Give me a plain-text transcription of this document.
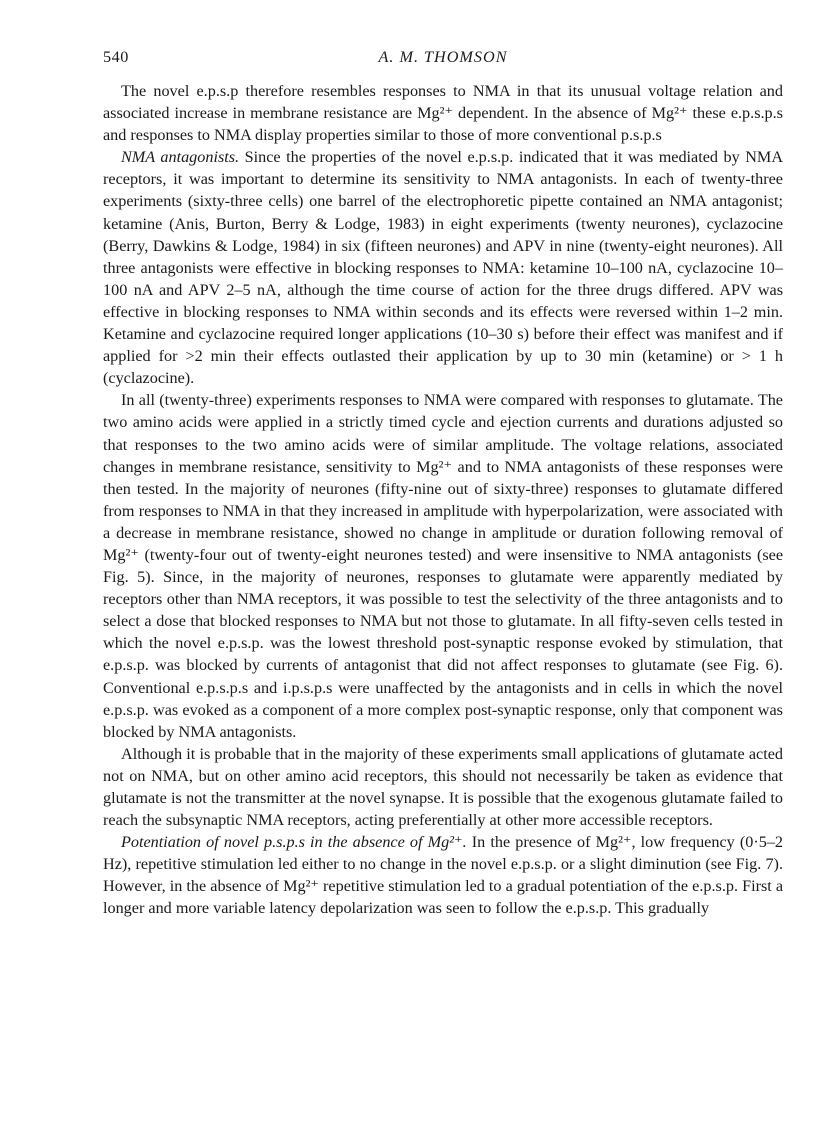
540	A. M. THOMSON

The novel e.p.s.p therefore resembles responses to NMA in that its unusual voltage relation and associated increase in membrane resistance are Mg²⁺ dependent. In the absence of Mg²⁺ these e.p.s.p.s and responses to NMA display properties similar to those of more conventional p.s.p.s

NMA antagonists. Since the properties of the novel e.p.s.p. indicated that it was mediated by NMA receptors, it was important to determine its sensitivity to NMA antagonists. In each of twenty-three experiments (sixty-three cells) one barrel of the electrophoretic pipette contained an NMA antagonist; ketamine (Anis, Burton, Berry & Lodge, 1983) in eight experiments (twenty neurones), cyclazocine (Berry, Dawkins & Lodge, 1984) in six (fifteen neurones) and APV in nine (twenty-eight neurones). All three antagonists were effective in blocking responses to NMA: ketamine 10–100 nA, cyclazocine 10–100 nA and APV 2–5 nA, although the time course of action for the three drugs differed. APV was effective in blocking responses to NMA within seconds and its effects were reversed within 1–2 min. Ketamine and cyclazocine required longer applications (10–30 s) before their effect was manifest and if applied for >2 min their effects outlasted their application by up to 30 min (ketamine) or > 1 h (cyclazocine).

In all (twenty-three) experiments responses to NMA were compared with responses to glutamate. The two amino acids were applied in a strictly timed cycle and ejection currents and durations adjusted so that responses to the two amino acids were of similar amplitude. The voltage relations, associated changes in membrane resistance, sensitivity to Mg²⁺ and to NMA antagonists of these responses were then tested. In the majority of neurones (fifty-nine out of sixty-three) responses to glutamate differed from responses to NMA in that they increased in amplitude with hyperpolarization, were associated with a decrease in membrane resistance, showed no change in amplitude or duration following removal of Mg²⁺ (twenty-four out of twenty-eight neurones tested) and were insensitive to NMA antagonists (see Fig. 5). Since, in the majority of neurones, responses to glutamate were apparently mediated by receptors other than NMA receptors, it was possible to test the selectivity of the three antagonists and to select a dose that blocked responses to NMA but not those to glutamate. In all fifty-seven cells tested in which the novel e.p.s.p. was the lowest threshold post-synaptic response evoked by stimulation, that e.p.s.p. was blocked by currents of antagonist that did not affect responses to glutamate (see Fig. 6). Conventional e.p.s.p.s and i.p.s.p.s were unaffected by the antagonists and in cells in which the novel e.p.s.p. was evoked as a component of a more complex post-synaptic response, only that component was blocked by NMA antagonists.

Although it is probable that in the majority of these experiments small applications of glutamate acted not on NMA, but on other amino acid receptors, this should not necessarily be taken as evidence that glutamate is not the transmitter at the novel synapse. It is possible that the exogenous glutamate failed to reach the subsynaptic NMA receptors, acting preferentially at other more accessible receptors.

Potentiation of novel p.s.p.s in the absence of Mg²⁺. In the presence of Mg²⁺, low frequency (0·5–2 Hz), repetitive stimulation led either to no change in the novel e.p.s.p. or a slight diminution (see Fig. 7). However, in the absence of Mg²⁺ repetitive stimulation led to a gradual potentiation of the e.p.s.p. First a longer and more variable latency depolarization was seen to follow the e.p.s.p. This gradually
